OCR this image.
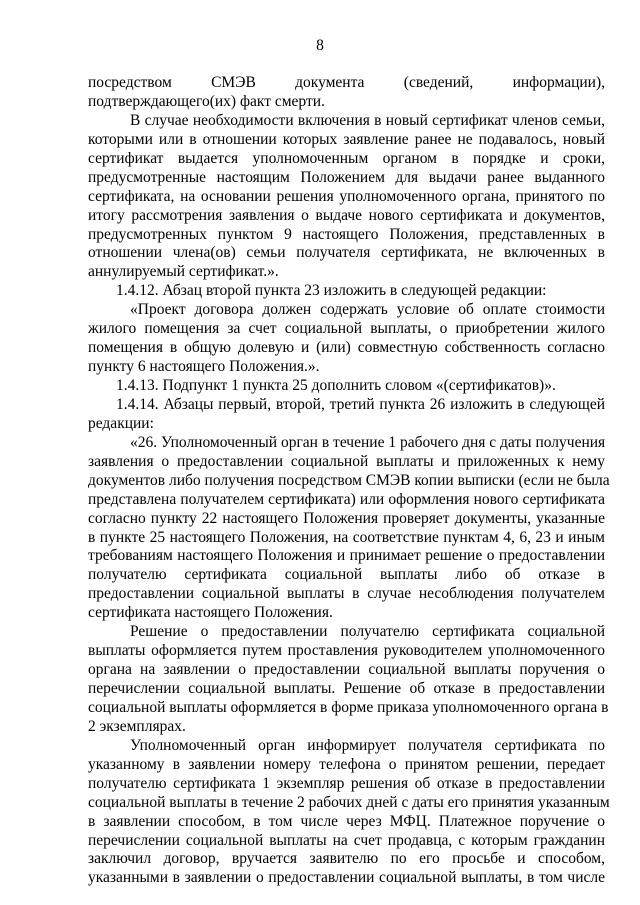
8
посредством СМЭВ документа (сведений, информации),
подтверждающего(их) факт смерти.
В случае необходимости включения в новый сертификат членов семьи,
которыми или в отношении которых заявление ранее не подавалось, новый
сертификат выдается уполномоченным органом в порядке и сроки,
предусмотренные настоящим Положением для выдачи ранее выданного
сертификата, на основании решения уполномоченного органа, принятого по
итогу рассмотрения заявления о выдаче нового сертификата и документов,
предусмотренных пунктом 9 настоящего Положения, представленных в
отношении члена(ов) семьи получателя сертификата, не включенных в
аннулируемый сертификат.».
1.4.12. Абзац второй пункта 23 изложить в следующей редакции:
«Проект договора должен содержать условие об оплате стоимости
жилого помещения за счет социальной выплаты, о приобретении жилого
помещения в общую долевую и (или) совместную собственность согласно
пункту 6 настоящего Положения.».
1.4.13. Подпункт 1 пункта 25 дополнить словом «(сертификатов)».
1.4.14. Абзацы первый, второй, третий пункта 26 изложить в следующей
редакции:
«26. Уполномоченный орган в течение 1 рабочего дня с даты получения
заявления о предоставлении социальной выплаты и приложенных к нему
документов либо получения посредством СМЭВ копии выписки (если не была
представлена получателем сертификата) или оформления нового сертификата
согласно пункту 22 настоящего Положения проверяет документы, указанные
в пункте 25 настоящего Положения, на соответствие пунктам 4, 6, 23 и иным
требованиям настоящего Положения и принимает решение о предоставлении
получателю сертификата социальной выплаты либо об отказе в
предоставлении социальной выплаты в случае несоблюдения получателем
сертификата настоящего Положения.
Решение о предоставлении получателю сертификата социальной
выплаты оформляется путем проставления руководителем уполномоченного
органа на заявлении о предоставлении социальной выплаты поручения о
перечислении социальной выплаты. Решение об отказе в предоставлении
социальной выплаты оформляется в форме приказа уполномоченного органа в
2 экземплярах.
Уполномоченный орган информирует получателя сертификата по
указанному в заявлении номеру телефона о принятом решении, передает
получателю сертификата 1 экземпляр решения об отказе в предоставлении
социальной выплаты в течение 2 рабочих дней с даты его принятия указанным
в заявлении способом, в том числе через МФЦ. Платежное поручение о
перечислении социальной выплаты на счет продавца, с которым гражданин
заключил договор, вручается заявителю по его просьбе и способом,
указанными в заявлении о предоставлении социальной выплаты, в том числе
